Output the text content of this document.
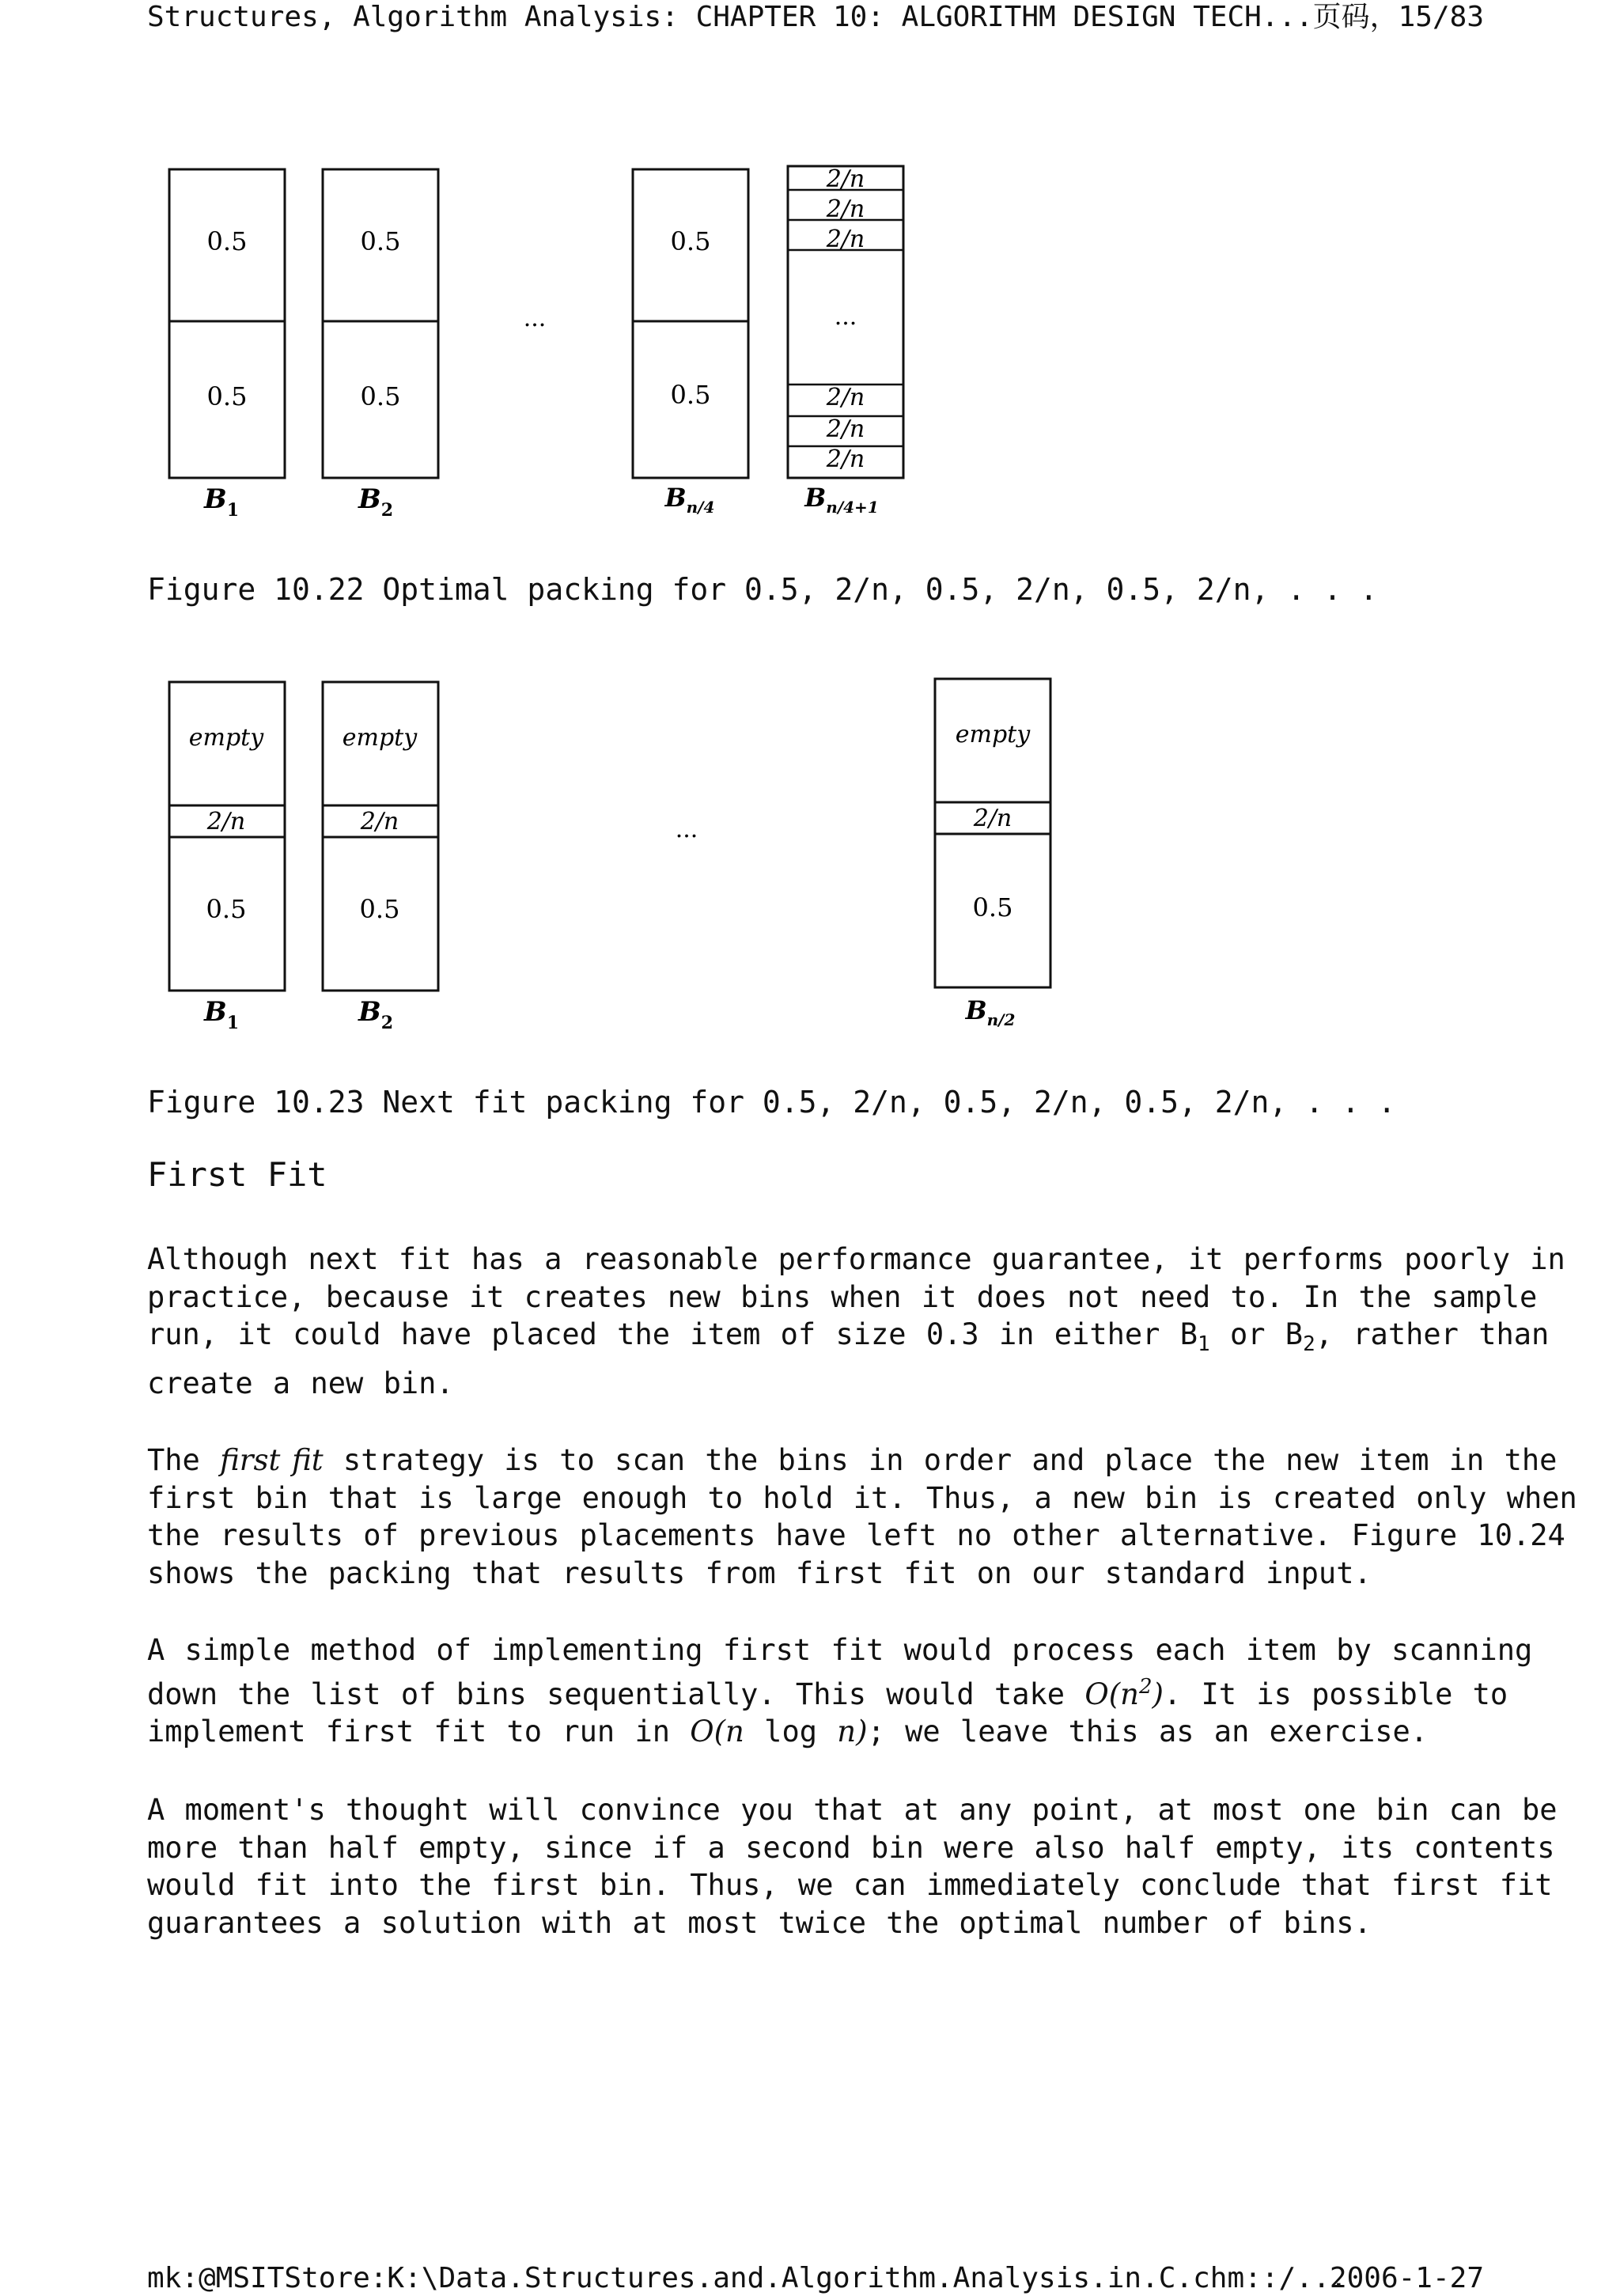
Structures, Algorithm Analysis: CHAPTER 10: ALGORITHM DESIGN TECH... 页码，15/83
0.5
0.5
$B_1$
0.5
0.5
$B_2$
...
0.5
0.5
$B_{n/4}$
2/n
2/n
2/n
...
2/n
2/n
2/n
$B_{n/4+1}$
Figure 10.22 Optimal packing for 0.5, 2/n, 0.5, 2/n, 0.5, 2/n, . . .
empty
2/n
0.5
$B_1$
empty
2/n
0.5
$B_2$
...
empty
2/n
0.5
$B_{n/2}$
Figure 10.23 Next fit packing for 0.5, 2/n, 0.5, 2/n, 0.5, 2/n, . . .
First Fit
Although next fit has a reasonable performance guarantee, it performs poorly in
practice, because it creates new bins when it does not need to. In the sample
run, it could have placed the item of size 0.3 in either $B_1$ or $B_2$, rather than
create a new bin.
The first fit strategy is to scan the bins in order and place the new item in the
first bin that is large enough to hold it. Thus, a new bin is created only when
the results of previous placements have left no other alternative. Figure 10.24
shows the packing that results from first fit on our standard input.
A simple method of implementing first fit would process each item by scanning
down the list of bins sequentially. This would take $O(n^2)$. It is possible to
implement first fit to run in O(n log n); we leave this as an exercise.
A moment's thought will convince you that at any point, at most one bin can be
more than half empty, since if a second bin were also half empty, its contents
would fit into the first bin. Thus, we can immediately conclude that first fit
guarantees a solution with at most twice the optimal number of bins.
mk:@MSITStore:K:\Data.Structures.and.Algorithm.Analysis.in.C.chm::/...
2006-1-27
